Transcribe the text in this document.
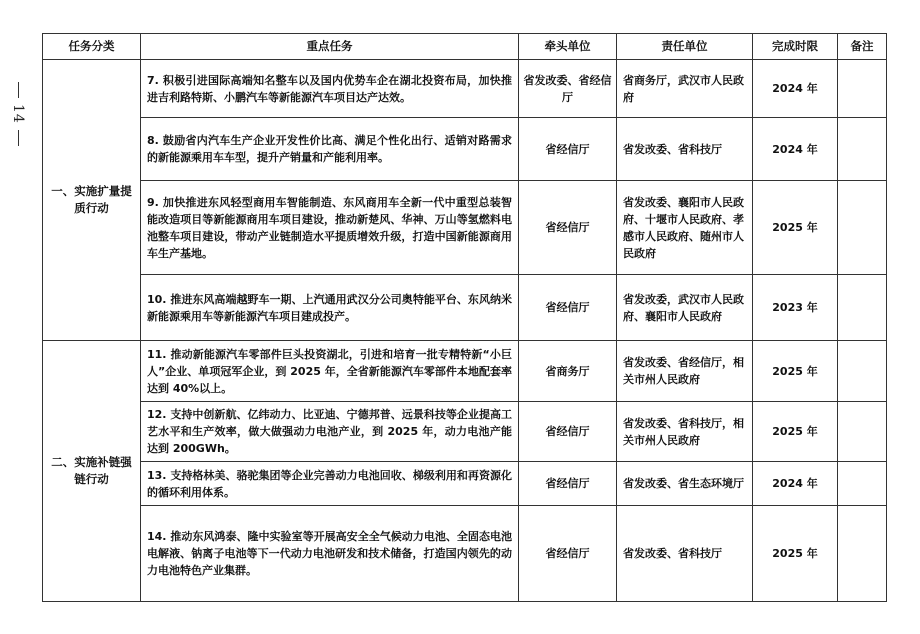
14
任务分类	重点任务	牵头单位	责任单位	完成时限	备注
一、实施扩量提质行动	7. 积极引进国际高端知名整车以及国内优势车企在湖北投资布局，加快推进吉利路特斯、小鹏汽车等新能源汽车项目达产达效。	省发改委、省经信厅	省商务厅，武汉市人民政府	2024 年	
	8. 鼓励省内汽车生产企业开发性价比高、满足个性化出行、适销对路需求的新能源乘用车车型，提升产销量和产能利用率。	省经信厅	省发改委、省科技厅	2024 年	
	9. 加快推进东风轻型商用车智能制造、东风商用车全新一代中重型总装智能改造项目等新能源商用车项目建设，推动新楚风、华神、万山等氢燃料电池整车项目建设，带动产业链制造水平提质增效升级，打造中国新能源商用车生产基地。	省经信厅	省发改委、襄阳市人民政府、十堰市人民政府、孝感市人民政府、随州市人民政府	2025 年	
	10. 推进东风高端越野车一期、上汽通用武汉分公司奥特能平台、东风纳米新能源乘用车等新能源汽车项目建成投产。	省经信厅	省发改委，武汉市人民政府、襄阳市人民政府	2023 年	
二、实施补链强链行动	11. 推动新能源汽车零部件巨头投资湖北，引进和培育一批专精特新“小巨人”企业、单项冠军企业，到 2025 年，全省新能源汽车零部件本地配套率达到 40%以上。	省商务厅	省发改委、省经信厅，相关市州人民政府	2025 年	
	12. 支持中创新航、亿纬动力、比亚迪、宁德邦普、远景科技等企业提高工艺水平和生产效率，做大做强动力电池产业，到 2025 年，动力电池产能达到 200GWh。	省经信厅	省发改委、省科技厅，相关市州人民政府	2025 年	
	13. 支持格林美、骆驼集团等企业完善动力电池回收、梯级利用和再资源化的循环利用体系。	省经信厅	省发改委、省生态环境厅	2024 年	
	14. 推动东风鸿泰、隆中实验室等开展高安全全气候动力电池、全固态电池电解液、钠离子电池等下一代动力电池研发和技术储备，打造国内领先的动力电池特色产业集群。	省经信厅	省发改委、省科技厅	2025 年	
